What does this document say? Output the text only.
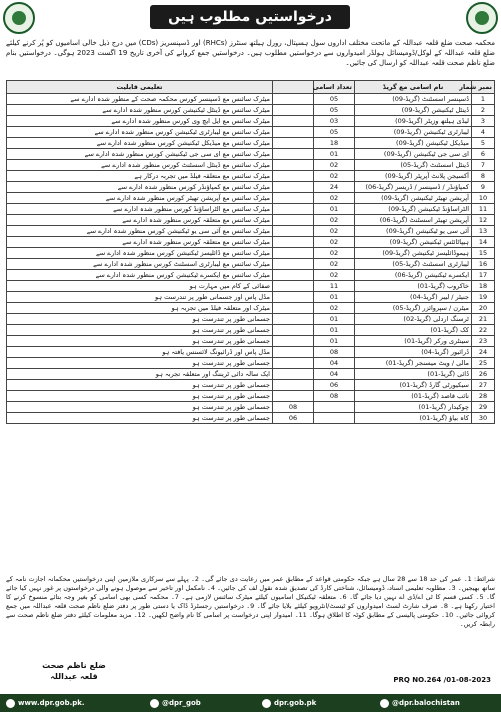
درخواستیں مطلوب ہیں
محکمہ صحت ضلع قلعہ عبداللہ کے ماتحت مختلف اداروں سول ہسپتال، رورل ہیلتھ سنٹرز (RHCs) اور ڈسپنسریز (CDs) میں درج ذیل خالی اسامیوں کو پُر کرنے کیلئے ضلع قلعہ عبداللہ کے لوکل/ڈومیسائل ہولڈر امیدواروں سے درخواستیں مطلوب ہیں۔ درخواستیں جمع کروانے کی آخری تاریخ 19 اگست 2023 ہوگی۔ درخواستیں بنام ضلع ناظم صحت قلعہ عبداللہ کو ارسال کی جائیں۔
نمبر شمار	نام اسامی مع گریڈ	تعداد اسامی		تعلیمی قابلیت
1	ڈسپنسر اسسٹنٹ (گریڈ-09)	05		میٹرک سائنس مع ڈسپنسر کورس محکمہ صحت کے منظور شدہ ادارے سے
2	ڈینٹل ٹیکنیشن (گریڈ-09)	05		میٹرک سائنس مع ڈینٹل ٹیکنیشن کورس منظور شدہ ادارے سے
3	لیڈی ہیلتھ وزیٹر (گریڈ-09)	03		میٹرک سائنس مع ایل ایچ وی کورس منظور شدہ ادارے سے
4	لیبارٹری ٹیکنیشن (گریڈ-09)	05		میٹرک سائنس مع لیبارٹری ٹیکنیشن کورس منظور شدہ ادارے سے
5	میڈیکل ٹیکنیشن (گریڈ-09)	18		میٹرک سائنس مع میڈیکل ٹیکنیشن کورس منظور شدہ ادارے سے
6	ای سی جی ٹیکنیشن (گریڈ-09)	01		میٹرک سائنس مع ای سی جی ٹیکنیشن کورس منظور شدہ ادارے سے
7	ڈینٹل اسسٹنٹ (گریڈ-05)	02		میٹرک سائنس مع ڈینٹل اسسٹنٹ کورس منظور شدہ ادارے سے
8	آکسیجن پلانٹ آپریٹر (گریڈ-09)	02		میٹرک سائنس مع متعلقہ فیلڈ میں تجربہ درکار ہے
9	کمپاؤنڈر / ڈسپنسر / ڈریسر (گریڈ-06)	24		میٹرک سائنس مع کمپاؤنڈر کورس منظور شدہ ادارے سے
10	آپریشن تھیٹر ٹیکنیشن (گریڈ-09)	02		میٹرک سائنس مع آپریشن تھیٹر کورس منظور شدہ ادارے سے
11	الٹراساؤنڈ ٹیکنیشن (گریڈ-09)	01		میٹرک سائنس مع الٹراساؤنڈ کورس منظور شدہ ادارے سے
12	آپریشن تھیٹر اسسٹنٹ (گریڈ-06)	02		میٹرک سائنس مع متعلقہ کورس منظور شدہ ادارے سے
13	آئی سی یو ٹیکنیشن (گریڈ-09)	02		میٹرک سائنس مع آئی سی یو ٹیکنیشن کورس منظور شدہ ادارے سے
14	ہیپاٹائٹس ٹیکنیشن (گریڈ-09)	02		میٹرک سائنس مع متعلقہ کورس منظور شدہ ادارے سے
15	ہیموڈائلیسز ٹیکنیشن (گریڈ-09)	02		میٹرک سائنس مع ڈائلیسز ٹیکنیشن کورس منظور شدہ ادارے سے
16	لیبارٹری اسسٹنٹ (گریڈ-05)	02		میٹرک سائنس مع لیبارٹری اسسٹنٹ کورس منظور شدہ ادارے سے
17	ایکسرے ٹیکنیشن (گریڈ-06)	02		میٹرک سائنس مع ایکسرے ٹیکنیشن کورس منظور شدہ ادارے سے
18	خاکروب (گریڈ-01)	11		صفائی کے کام میں مہارت ہو
19	جنیٹر / لیبر (گریڈ-04)	01		مڈل پاس اور جسمانی طور پر تندرست ہو
20	میٹرن / سپروائزر (گریڈ-05)	02		میٹرک اور متعلقہ فیلڈ میں تجربہ ہو
21	ٹرسنگ اردلی (گریڈ-02)	01		جسمانی طور پر تندرست ہو
22	کک (گریڈ-01)	01		جسمانی طور پر تندرست ہو
23	سینٹری ورکر (گریڈ-01)	01		جسمانی طور پر تندرست ہو
24	ڈرائیور (گریڈ-04)	08		مڈل پاس اور ڈرائیونگ لائسنس یافتہ ہو
25	مالی / ویٹ میسنجر (گریڈ-01)	04		جسمانی طور پر تندرست ہو
26	ڈائی (گریڈ-01)	04		ایک سالہ دائی ٹریننگ اور متعلقہ تجربہ ہو
27	سیکیورٹی گارڈ (گریڈ-01)	06		جسمانی طور پر تندرست ہو
28	نائب قاصد (گریڈ-01)	08		جسمانی طور پر تندرست ہو
29	چوکیدار (گریڈ-01)		08	جسمانی طور پر تندرست ہو
30	کاہ بیاؤ (گریڈ-01)		06	جسمانی طور پر تندرست ہو
شرائط: 1۔ عمر کی حد 18 سے 28 سال ہے جبکہ حکومتی قواعد کے مطابق عمر میں رعایت دی جائے گی۔ 2۔ پہلے سے سرکاری ملازمین اپنی درخواستیں محکمانہ اجازت نامہ کے ساتھ بھیجیں۔ 3۔ مطلوبہ تعلیمی اسناد، ڈومیسائل، شناختی کارڈ کی تصدیق شدہ نقول لف کی جائیں۔ 4۔ نامکمل اور تاخیر سے موصول ہونے والی درخواستوں پر غور نہیں کیا جائے گا۔ 5۔ کسی قسم کا ٹی اے/ڈی اے نہیں دیا جائے گا۔ 6۔ متعلقہ ٹیکنیکل اسامیوں کیلئے میٹرک سائنس لازمی ہے۔ 7۔ محکمہ کسی بھی اسامی کو بغیر وجہ بتائے منسوخ کرنے کا اختیار رکھتا ہے۔ 8۔ صرف شارٹ لسٹ امیدواروں کو ٹیسٹ/انٹرویو کیلئے بلایا جائے گا۔ 9۔ درخواستیں رجسٹرڈ ڈاک یا دستی طور پر دفتر ضلع ناظم صحت قلعہ عبداللہ میں جمع کروائی جائیں۔ 10۔ حکومتی پالیسی کے مطابق کوٹہ کا اطلاق ہوگا۔ 11۔ امیدوار اپنی درخواست پر اسامی کا نام واضح لکھیں۔ 12۔ مزید معلومات کیلئے دفتر ضلع ناظم صحت سے رابطہ کریں۔
ضلع ناظم صحت
قلعہ عبداللہ	PRQ NO.264 /01-08-2023
www.dpr.gob.pk.	@dpr_gob	dpr.gob.pk	@dpr.balochistan
